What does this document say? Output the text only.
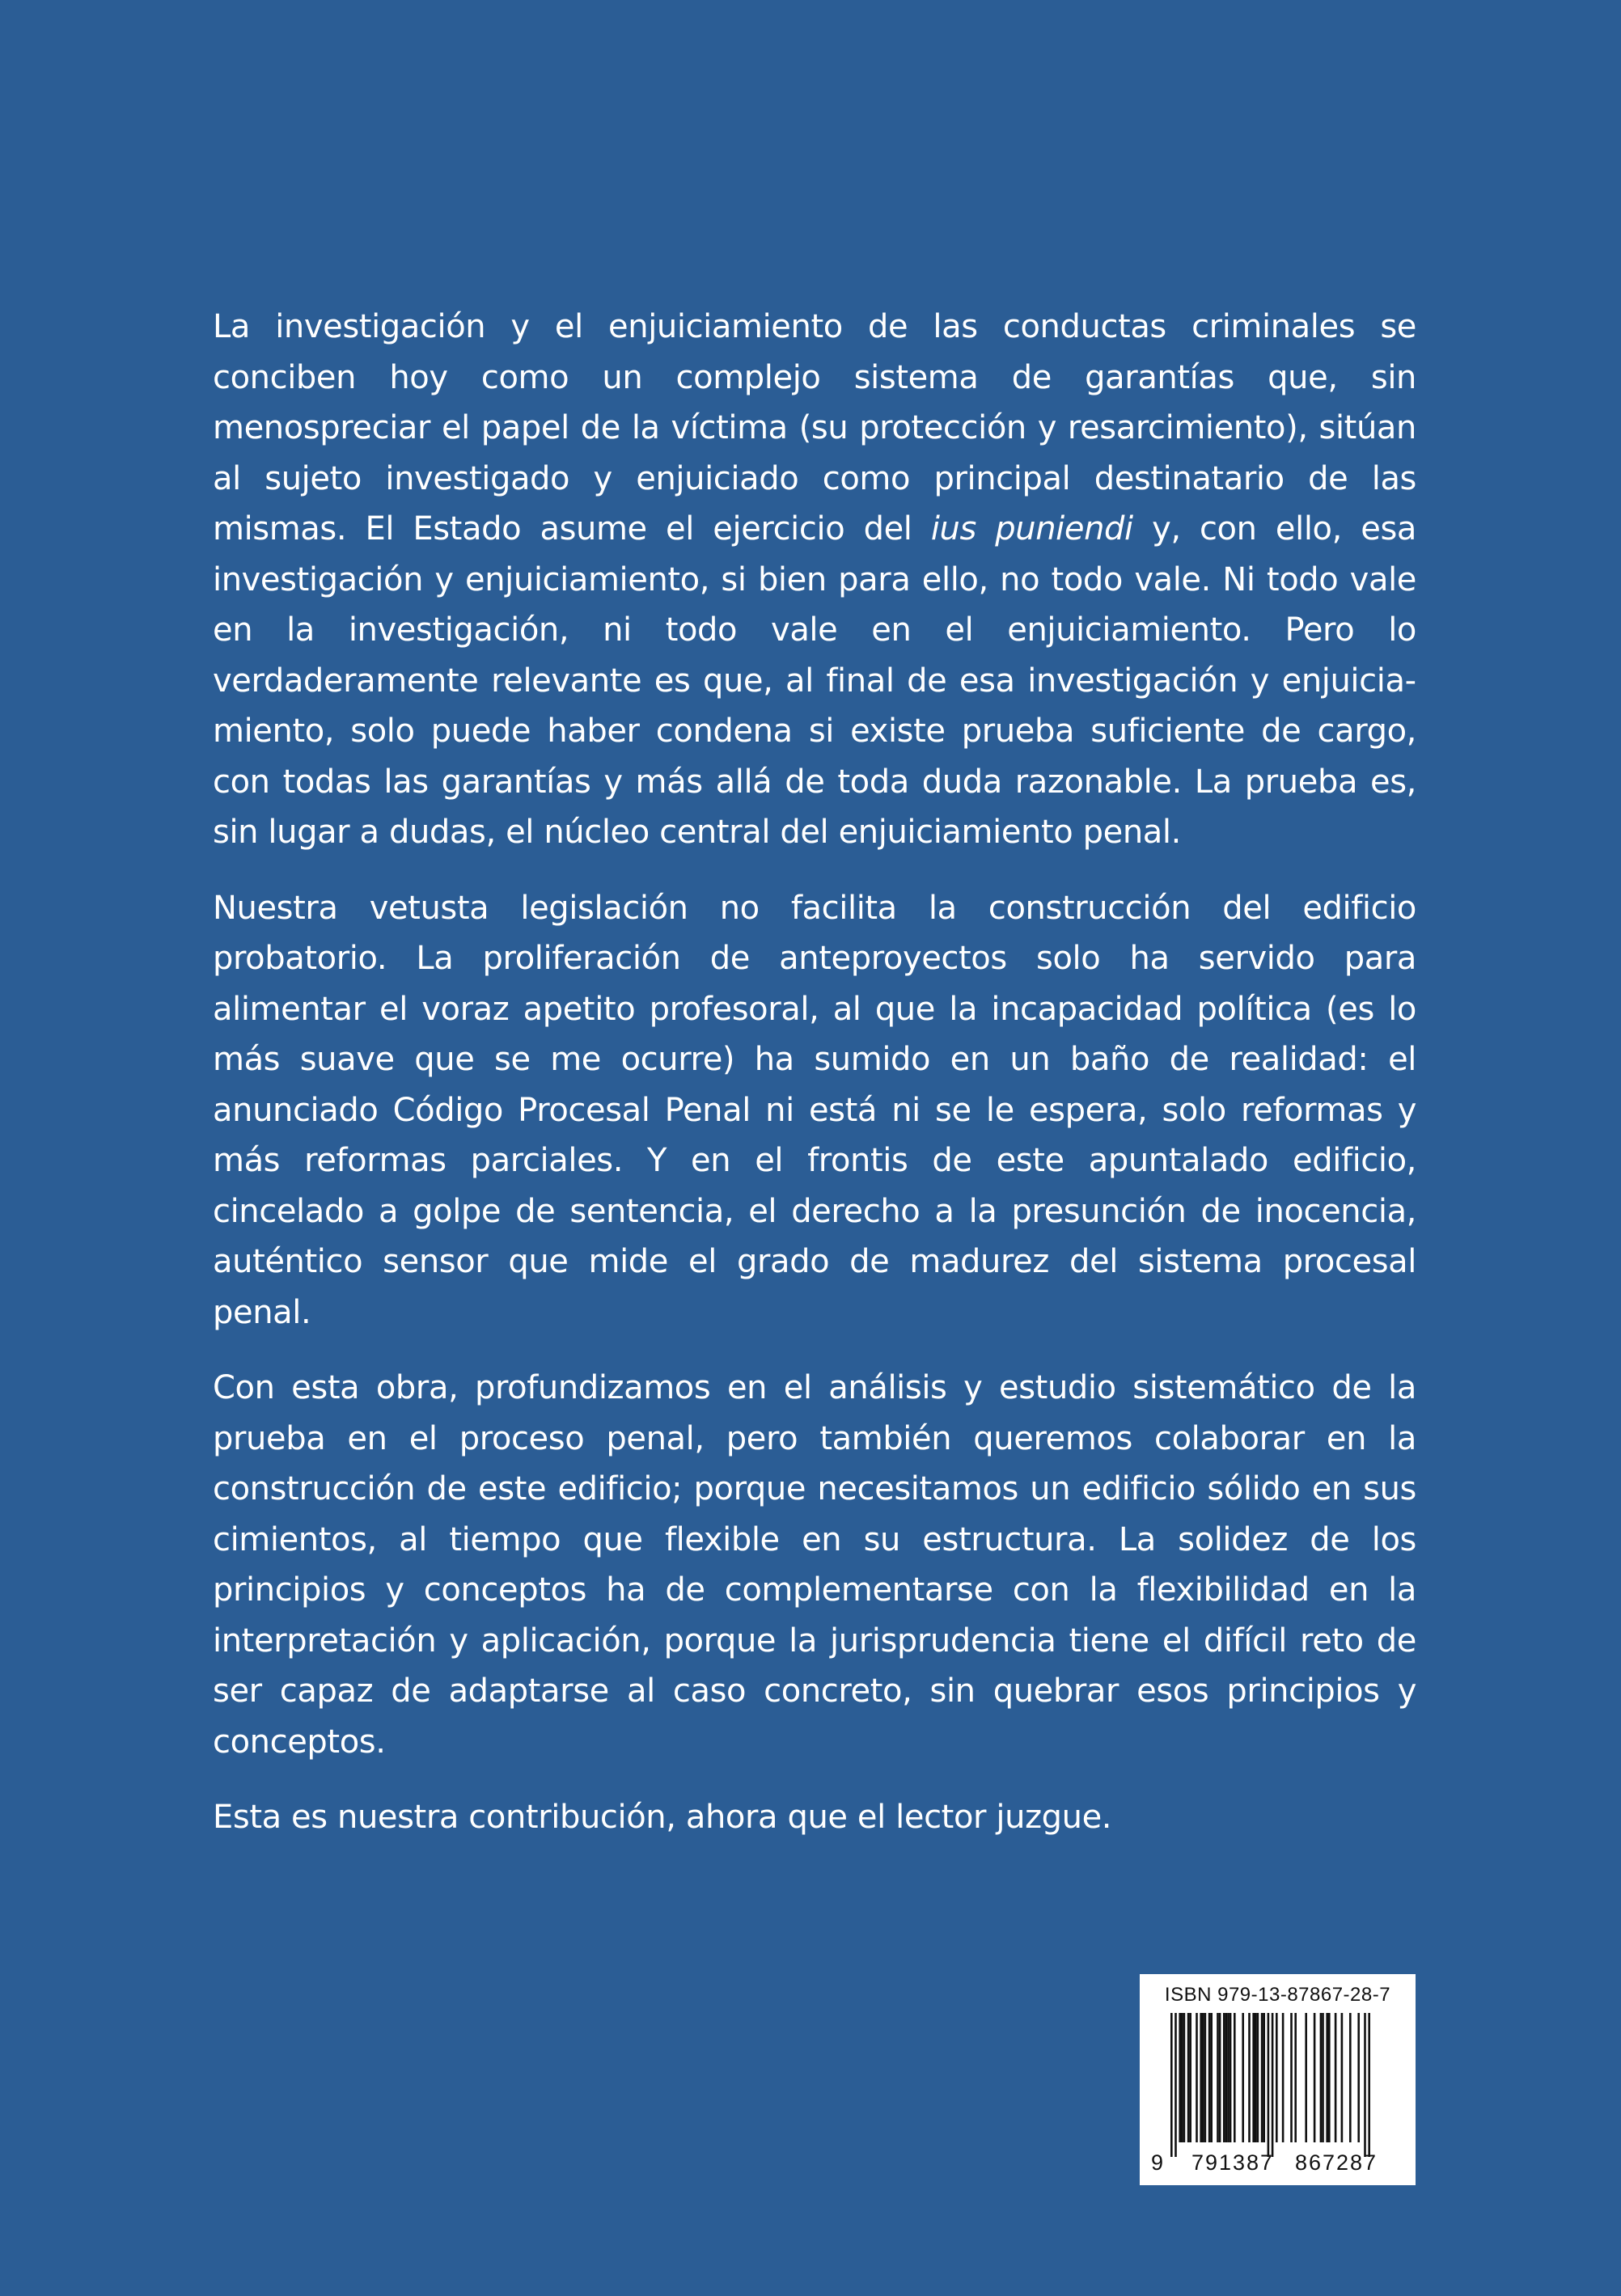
La investigación y el enjuiciamiento de las conductas criminales se conciben hoy como un complejo sistema de garantías que, sin menospreciar el papel de la víctima (su protección y resarcimiento), sitúan al sujeto investigado y enjuiciado como principal destinatario de las mismas. El Estado asume el ejercicio del ius puniendi y, con ello, esa investigación y enjuiciamiento, si bien para ello, no todo vale. Ni todo vale en la investigación, ni todo vale en el enjuiciamiento. Pero lo verdaderamente relevante es que, al final de esa investigación y enjuiciamiento, solo puede haber condena si existe prueba suficiente de cargo, con todas las garantías y más allá de toda duda razonable. La prueba es, sin lugar a dudas, el núcleo central del enjuiciamiento penal.

Nuestra vetusta legislación no facilita la construcción del edificio probatorio. La proliferación de anteproyectos solo ha servido para alimentar el voraz apetito profesoral, al que la incapacidad política (es lo más suave que se me ocurre) ha sumido en un baño de realidad: el anunciado Código Procesal Penal ni está ni se le espera, solo reformas y más reformas parciales. Y en el frontis de este apuntalado edificio, cincelado a golpe de sentencia, el derecho a la presunción de inocencia, auténtico sensor que mide el grado de madurez del sistema procesal penal.

Con esta obra, profundizamos en el análisis y estudio sistemático de la prueba en el proceso penal, pero también queremos colaborar en la construcción de este edificio; porque necesitamos un edificio sólido en sus cimientos, al tiempo que flexible en su estructura. La solidez de los principios y conceptos ha de complementarse con la flexibilidad en la interpretación y aplicación, porque la jurisprudencia tiene el difícil reto de ser capaz de adaptarse al caso concreto, sin quebrar esos principios y conceptos.

Esta es nuestra contribución, ahora que el lector juzgue.

ISBN 979-13-87867-28-7
9 791387 867287
